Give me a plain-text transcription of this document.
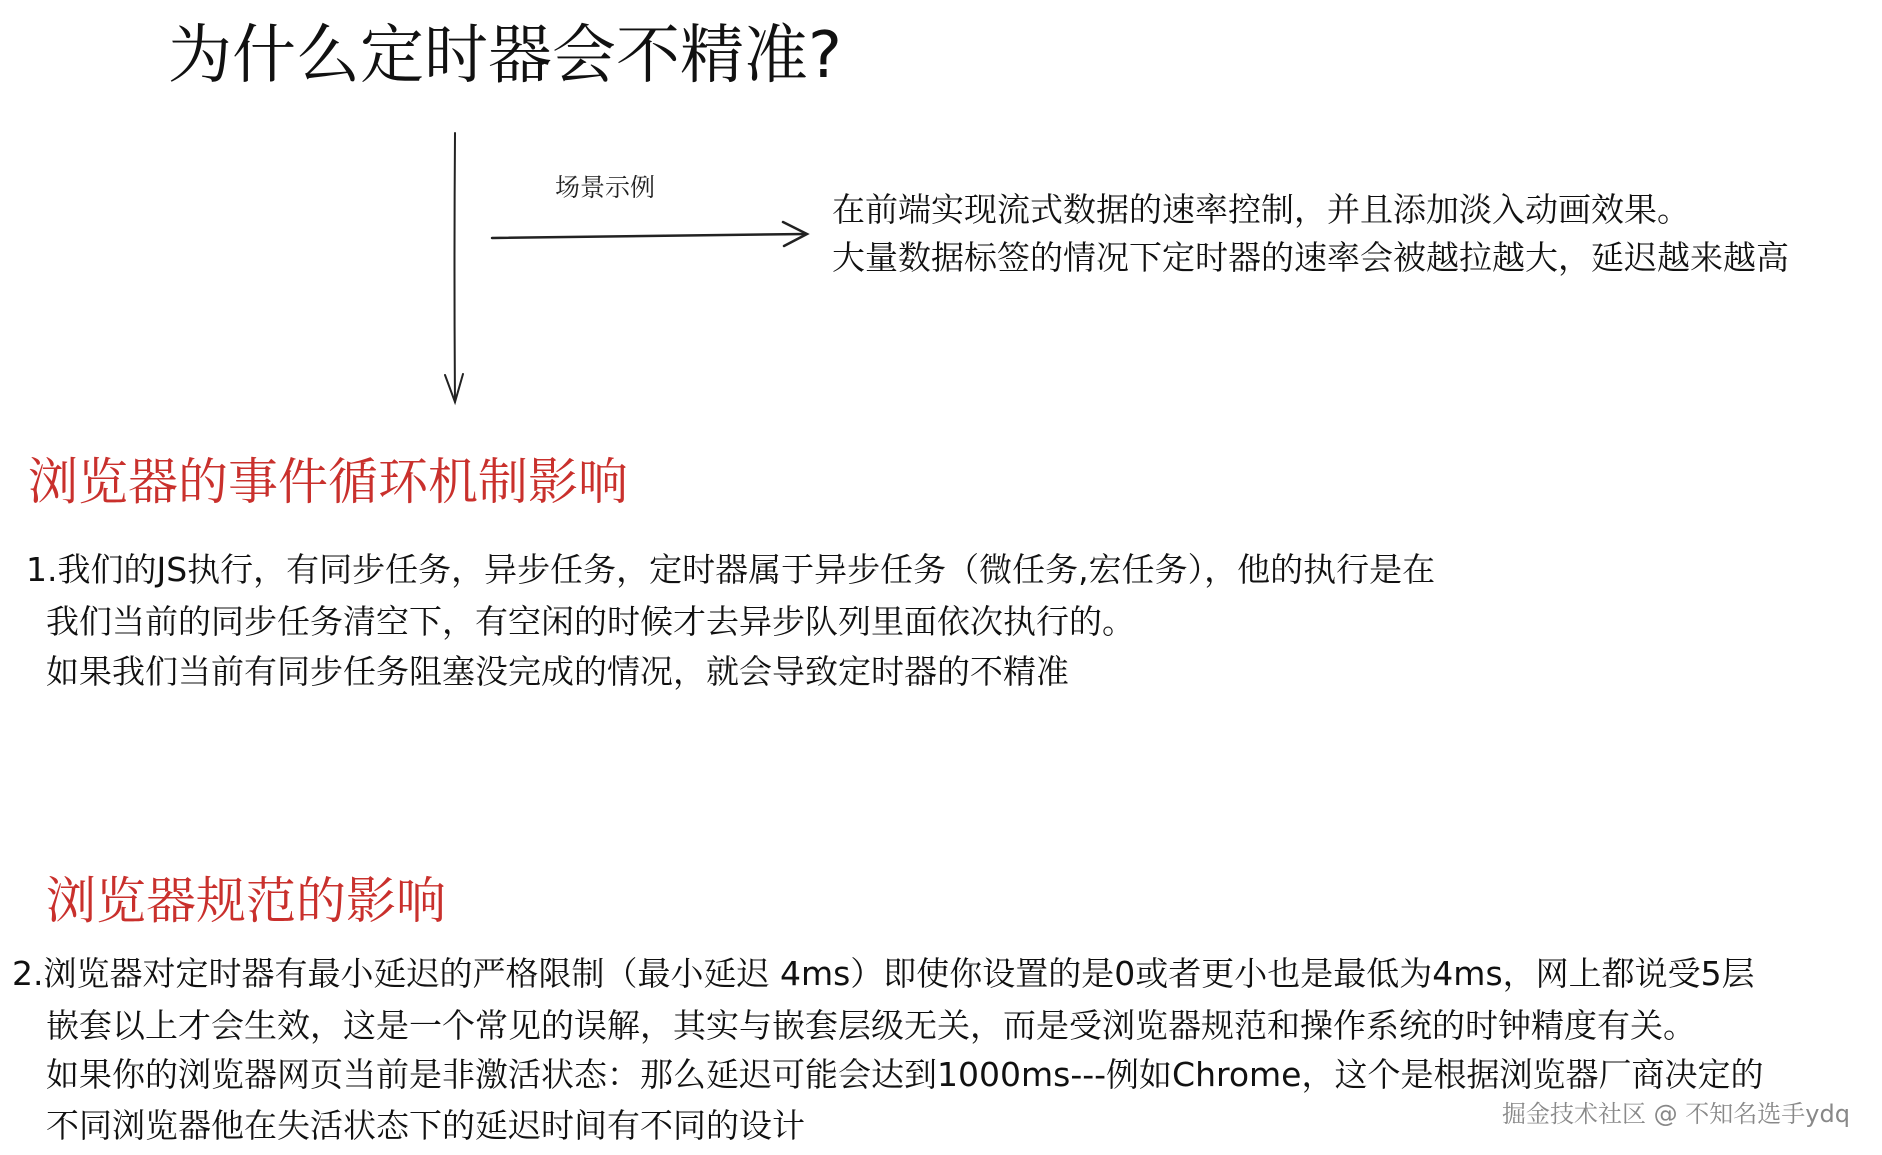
为什么定时器会不精准?
场景示例
在前端实现流式数据的速率控制，并且添加淡入动画效果。
大量数据标签的情况下定时器的速率会被越拉越大，延迟越来越高
浏览器的事件循环机制影响
1.我们的JS执行，有同步任务，异步任务，定时器属于异步任务（微任务,宏任务），他的执行是在
我们当前的同步任务清空下，有空闲的时候才去异步队列里面依次执行的。
如果我们当前有同步任务阻塞没完成的情况，就会导致定时器的不精准
浏览器规范的影响
2.浏览器对定时器有最小延迟的严格限制（最小延迟 4ms）即使你设置的是0或者更小也是最低为4ms，网上都说受5层
嵌套以上才会生效，这是一个常见的误解，其实与嵌套层级无关，而是受浏览器规范和操作系统的时钟精度有关。
如果你的浏览器网页当前是非激活状态：那么延迟可能会达到1000ms---例如Chrome，这个是根据浏览器厂商决定的
不同浏览器他在失活状态下的延迟时间有不同的设计	掘金技术社区 @ 不知名选手ydq
